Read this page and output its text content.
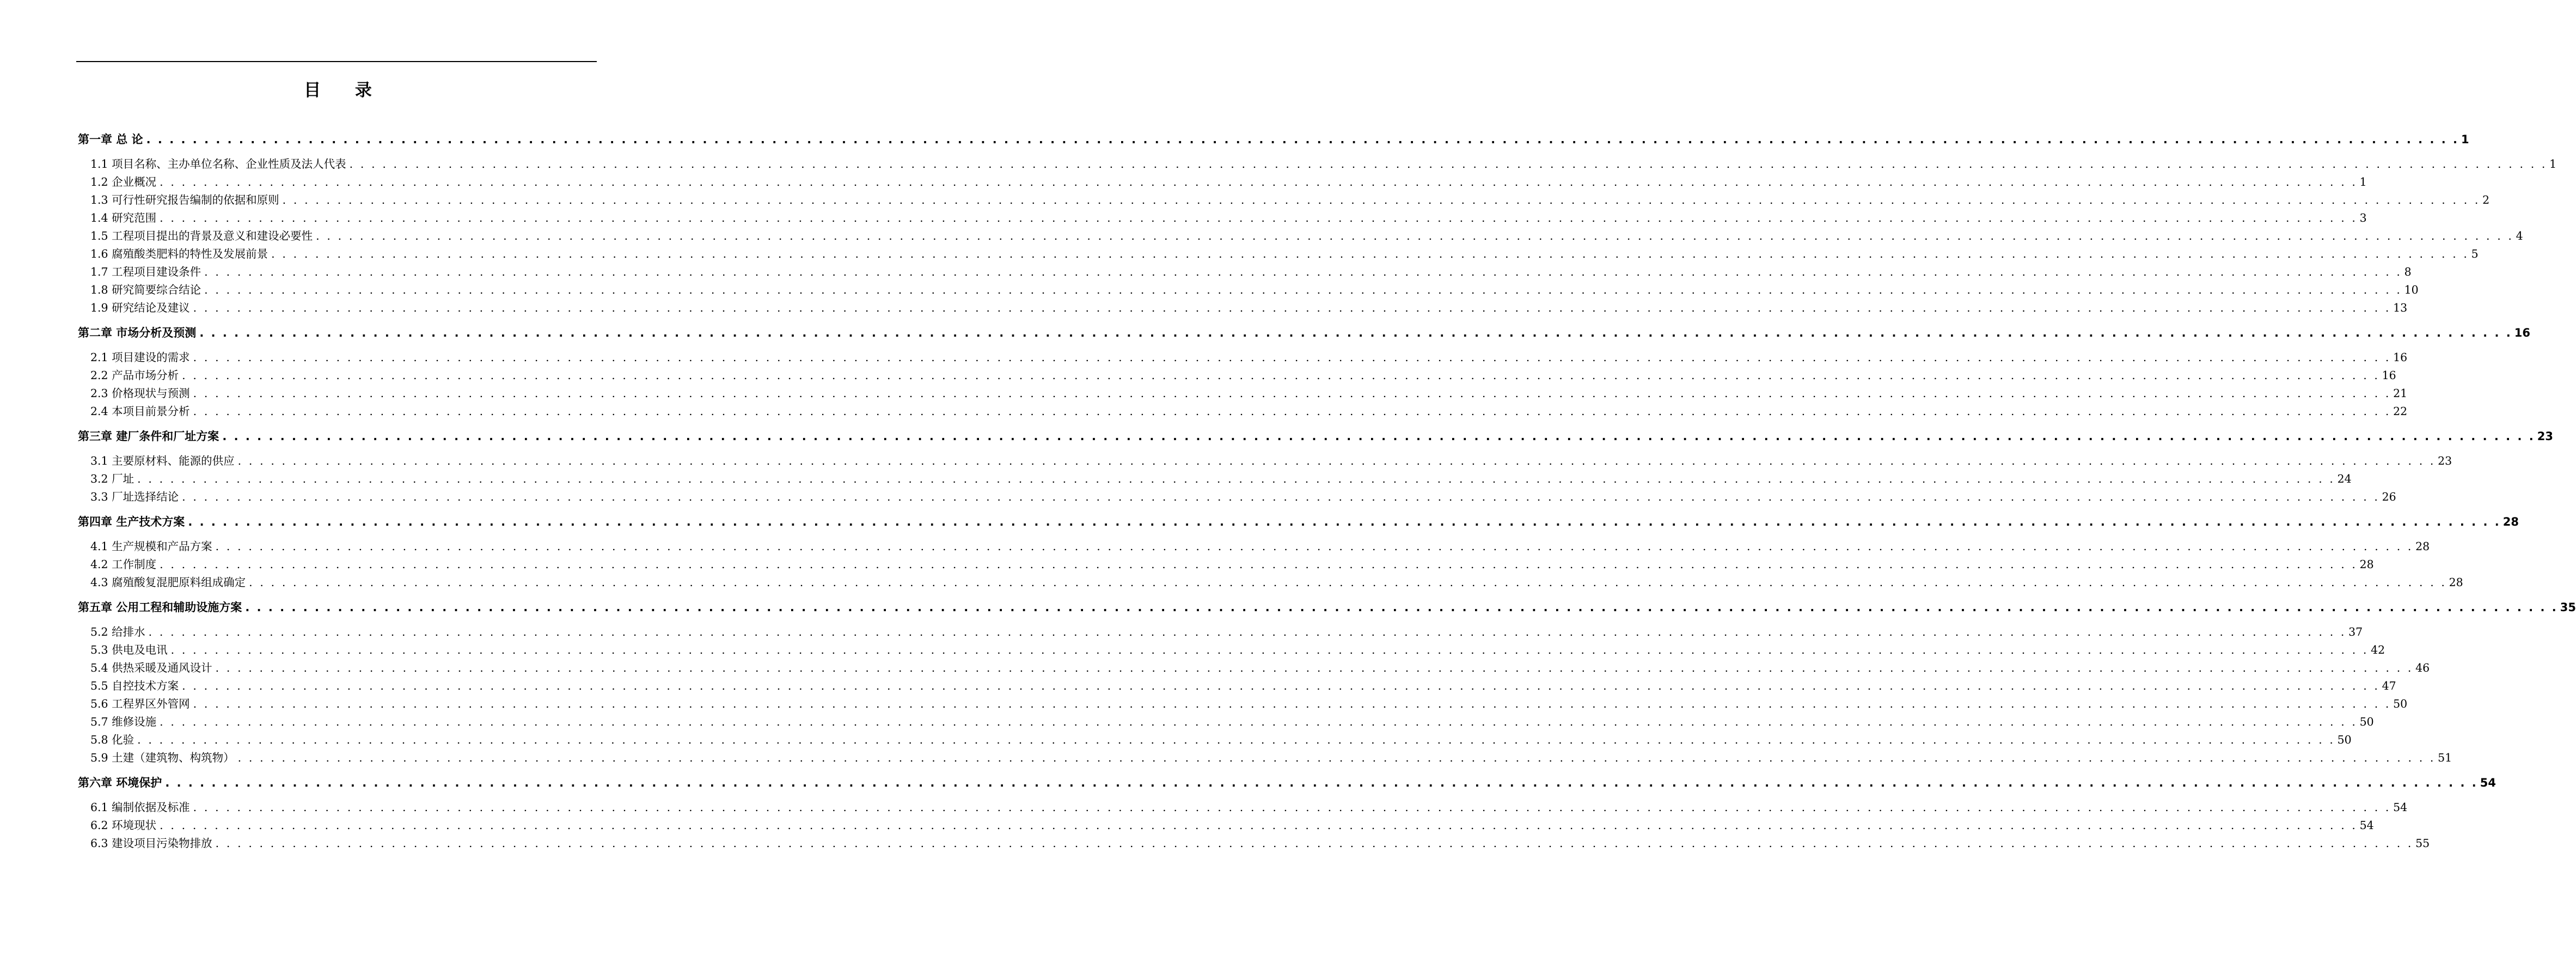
目 录
第一章 总 论 . . . . . . . . . . . . . . . . . . . . . . . . . . . . . . . . . . . . . . . . . . . . . . . . . . . . . . . . . . . . . . . . . . . . . . . . . . . . . . . . . . . . . . . . . . . . . . . . . . . . . . . . . . . . . . . . . . . . . . . . . . . . . . . . . . . . . . . . . . . . . . . . . . . . . . . . . . . . . . . . . . . . . . . . . . . . . . . . . . . . . . . . . . . . . . . . . . . . . . . . 1
1.1 项目名称、主办单位名称、企业性质及法人代表 . . . . . . . . . . . . . . . . . . . . . . . . . . . . . . . . . . . . . . . . . . . . . . . . . . . . . . . . . . . . . . . . . . . . . . . . . . . . . . . . . . . . . . . . . . . . . . . . . . . . . . . . . . . . . . . . . . . . . . . . . . . . . . . . . . . . . . . . . . . . . . . . . . . . . . . . . . . . . . . . . . . . . . . . . . . . . . . . . . . . . . . . . . . . . . . . . . . . . . . . 1
1.2 企业概况 . . . . . . . . . . . . . . . . . . . . . . . . . . . . . . . . . . . . . . . . . . . . . . . . . . . . . . . . . . . . . . . . . . . . . . . . . . . . . . . . . . . . . . . . . . . . . . . . . . . . . . . . . . . . . . . . . . . . . . . . . . . . . . . . . . . . . . . . . . . . . . . . . . . . . . . . . . . . . . . . . . . . . . . . . . . . . . . . . . . . . . . . . . . . . . . . . . . . . . . . 1
1.3 可行性研究报告编制的依据和原则 . . . . . . . . . . . . . . . . . . . . . . . . . . . . . . . . . . . . . . . . . . . . . . . . . . . . . . . . . . . . . . . . . . . . . . . . . . . . . . . . . . . . . . . . . . . . . . . . . . . . . . . . . . . . . . . . . . . . . . . . . . . . . . . . . . . . . . . . . . . . . . . . . . . . . . . . . . . . . . . . . . . . . . . . . . . . . . . . . . . . . . . . . . . . . . . . . . . . . . . . 2
1.4 研究范围 . . . . . . . . . . . . . . . . . . . . . . . . . . . . . . . . . . . . . . . . . . . . . . . . . . . . . . . . . . . . . . . . . . . . . . . . . . . . . . . . . . . . . . . . . . . . . . . . . . . . . . . . . . . . . . . . . . . . . . . . . . . . . . . . . . . . . . . . . . . . . . . . . . . . . . . . . . . . . . . . . . . . . . . . . . . . . . . . . . . . . . . . . . . . . . . . . . . . . . . . 3
1.5 工程项目提出的背景及意义和建设必要性 . . . . . . . . . . . . . . . . . . . . . . . . . . . . . . . . . . . . . . . . . . . . . . . . . . . . . . . . . . . . . . . . . . . . . . . . . . . . . . . . . . . . . . . . . . . . . . . . . . . . . . . . . . . . . . . . . . . . . . . . . . . . . . . . . . . . . . . . . . . . . . . . . . . . . . . . . . . . . . . . . . . . . . . . . . . . . . . . . . . . . . . . . . . . . . . . . . . . . . . . 4
1.6 腐殖酸类肥料的特性及发展前景 . . . . . . . . . . . . . . . . . . . . . . . . . . . . . . . . . . . . . . . . . . . . . . . . . . . . . . . . . . . . . . . . . . . . . . . . . . . . . . . . . . . . . . . . . . . . . . . . . . . . . . . . . . . . . . . . . . . . . . . . . . . . . . . . . . . . . . . . . . . . . . . . . . . . . . . . . . . . . . . . . . . . . . . . . . . . . . . . . . . . . . . . . . . . . . . . . . . . . . . . 5
1.7 工程项目建设条件 . . . . . . . . . . . . . . . . . . . . . . . . . . . . . . . . . . . . . . . . . . . . . . . . . . . . . . . . . . . . . . . . . . . . . . . . . . . . . . . . . . . . . . . . . . . . . . . . . . . . . . . . . . . . . . . . . . . . . . . . . . . . . . . . . . . . . . . . . . . . . . . . . . . . . . . . . . . . . . . . . . . . . . . . . . . . . . . . . . . . . . . . . . . . . . . . . . . . . . . . 8
1.8 研究简要综合结论 . . . . . . . . . . . . . . . . . . . . . . . . . . . . . . . . . . . . . . . . . . . . . . . . . . . . . . . . . . . . . . . . . . . . . . . . . . . . . . . . . . . . . . . . . . . . . . . . . . . . . . . . . . . . . . . . . . . . . . . . . . . . . . . . . . . . . . . . . . . . . . . . . . . . . . . . . . . . . . . . . . . . . . . . . . . . . . . . . . . . . . . . . . . . . . . . . . . . . . . . 10
1.9 研究结论及建议 . . . . . . . . . . . . . . . . . . . . . . . . . . . . . . . . . . . . . . . . . . . . . . . . . . . . . . . . . . . . . . . . . . . . . . . . . . . . . . . . . . . . . . . . . . . . . . . . . . . . . . . . . . . . . . . . . . . . . . . . . . . . . . . . . . . . . . . . . . . . . . . . . . . . . . . . . . . . . . . . . . . . . . . . . . . . . . . . . . . . . . . . . . . . . . . . . . . . . . . . 13
第二章 市场分析及预测 . . . . . . . . . . . . . . . . . . . . . . . . . . . . . . . . . . . . . . . . . . . . . . . . . . . . . . . . . . . . . . . . . . . . . . . . . . . . . . . . . . . . . . . . . . . . . . . . . . . . . . . . . . . . . . . . . . . . . . . . . . . . . . . . . . . . . . . . . . . . . . . . . . . . . . . . . . . . . . . . . . . . . . . . . . . . . . . . . . . . . . . . . . . . . . . . . . . . . . . . 16
2.1 项目建设的需求 . . . . . . . . . . . . . . . . . . . . . . . . . . . . . . . . . . . . . . . . . . . . . . . . . . . . . . . . . . . . . . . . . . . . . . . . . . . . . . . . . . . . . . . . . . . . . . . . . . . . . . . . . . . . . . . . . . . . . . . . . . . . . . . . . . . . . . . . . . . . . . . . . . . . . . . . . . . . . . . . . . . . . . . . . . . . . . . . . . . . . . . . . . . . . . . . . . . . . . . . 16
2.2 产品市场分析 . . . . . . . . . . . . . . . . . . . . . . . . . . . . . . . . . . . . . . . . . . . . . . . . . . . . . . . . . . . . . . . . . . . . . . . . . . . . . . . . . . . . . . . . . . . . . . . . . . . . . . . . . . . . . . . . . . . . . . . . . . . . . . . . . . . . . . . . . . . . . . . . . . . . . . . . . . . . . . . . . . . . . . . . . . . . . . . . . . . . . . . . . . . . . . . . . . . . . . . . 16
2.3 价格现状与预测 . . . . . . . . . . . . . . . . . . . . . . . . . . . . . . . . . . . . . . . . . . . . . . . . . . . . . . . . . . . . . . . . . . . . . . . . . . . . . . . . . . . . . . . . . . . . . . . . . . . . . . . . . . . . . . . . . . . . . . . . . . . . . . . . . . . . . . . . . . . . . . . . . . . . . . . . . . . . . . . . . . . . . . . . . . . . . . . . . . . . . . . . . . . . . . . . . . . . . . . . 21
2.4 本项目前景分析 . . . . . . . . . . . . . . . . . . . . . . . . . . . . . . . . . . . . . . . . . . . . . . . . . . . . . . . . . . . . . . . . . . . . . . . . . . . . . . . . . . . . . . . . . . . . . . . . . . . . . . . . . . . . . . . . . . . . . . . . . . . . . . . . . . . . . . . . . . . . . . . . . . . . . . . . . . . . . . . . . . . . . . . . . . . . . . . . . . . . . . . . . . . . . . . . . . . . . . . . 22
第三章 建厂条件和厂址方案 . . . . . . . . . . . . . . . . . . . . . . . . . . . . . . . . . . . . . . . . . . . . . . . . . . . . . . . . . . . . . . . . . . . . . . . . . . . . . . . . . . . . . . . . . . . . . . . . . . . . . . . . . . . . . . . . . . . . . . . . . . . . . . . . . . . . . . . . . . . . . . . . . . . . . . . . . . . . . . . . . . . . . . . . . . . . . . . . . . . . . . . . . . . . . . . . . . . . . . . . 23
3.1 主要原材料、能源的供应 . . . . . . . . . . . . . . . . . . . . . . . . . . . . . . . . . . . . . . . . . . . . . . . . . . . . . . . . . . . . . . . . . . . . . . . . . . . . . . . . . . . . . . . . . . . . . . . . . . . . . . . . . . . . . . . . . . . . . . . . . . . . . . . . . . . . . . . . . . . . . . . . . . . . . . . . . . . . . . . . . . . . . . . . . . . . . . . . . . . . . . . . . . . . . . . . . . . . . . . . 23
3.2 厂址 . . . . . . . . . . . . . . . . . . . . . . . . . . . . . . . . . . . . . . . . . . . . . . . . . . . . . . . . . . . . . . . . . . . . . . . . . . . . . . . . . . . . . . . . . . . . . . . . . . . . . . . . . . . . . . . . . . . . . . . . . . . . . . . . . . . . . . . . . . . . . . . . . . . . . . . . . . . . . . . . . . . . . . . . . . . . . . . . . . . . . . . . . . . . . . . . . . . . . . . . 24
3.3 厂址选择结论 . . . . . . . . . . . . . . . . . . . . . . . . . . . . . . . . . . . . . . . . . . . . . . . . . . . . . . . . . . . . . . . . . . . . . . . . . . . . . . . . . . . . . . . . . . . . . . . . . . . . . . . . . . . . . . . . . . . . . . . . . . . . . . . . . . . . . . . . . . . . . . . . . . . . . . . . . . . . . . . . . . . . . . . . . . . . . . . . . . . . . . . . . . . . . . . . . . . . . . . . 26
第四章 生产技术方案 . . . . . . . . . . . . . . . . . . . . . . . . . . . . . . . . . . . . . . . . . . . . . . . . . . . . . . . . . . . . . . . . . . . . . . . . . . . . . . . . . . . . . . . . . . . . . . . . . . . . . . . . . . . . . . . . . . . . . . . . . . . . . . . . . . . . . . . . . . . . . . . . . . . . . . . . . . . . . . . . . . . . . . . . . . . . . . . . . . . . . . . . . . . . . . . . . . . . . . . . 28
4.1 生产规模和产品方案 . . . . . . . . . . . . . . . . . . . . . . . . . . . . . . . . . . . . . . . . . . . . . . . . . . . . . . . . . . . . . . . . . . . . . . . . . . . . . . . . . . . . . . . . . . . . . . . . . . . . . . . . . . . . . . . . . . . . . . . . . . . . . . . . . . . . . . . . . . . . . . . . . . . . . . . . . . . . . . . . . . . . . . . . . . . . . . . . . . . . . . . . . . . . . . . . . . . . . . . . 28
4.2 工作制度 . . . . . . . . . . . . . . . . . . . . . . . . . . . . . . . . . . . . . . . . . . . . . . . . . . . . . . . . . . . . . . . . . . . . . . . . . . . . . . . . . . . . . . . . . . . . . . . . . . . . . . . . . . . . . . . . . . . . . . . . . . . . . . . . . . . . . . . . . . . . . . . . . . . . . . . . . . . . . . . . . . . . . . . . . . . . . . . . . . . . . . . . . . . . . . . . . . . . . . . . 28
4.3 腐殖酸复混肥原料组成确定 . . . . . . . . . . . . . . . . . . . . . . . . . . . . . . . . . . . . . . . . . . . . . . . . . . . . . . . . . . . . . . . . . . . . . . . . . . . . . . . . . . . . . . . . . . . . . . . . . . . . . . . . . . . . . . . . . . . . . . . . . . . . . . . . . . . . . . . . . . . . . . . . . . . . . . . . . . . . . . . . . . . . . . . . . . . . . . . . . . . . . . . . . . . . . . . . . . . . . . . . 28
第五章 公用工程和辅助设施方案 . . . . . . . . . . . . . . . . . . . . . . . . . . . . . . . . . . . . . . . . . . . . . . . . . . . . . . . . . . . . . . . . . . . . . . . . . . . . . . . . . . . . . . . . . . . . . . . . . . . . . . . . . . . . . . . . . . . . . . . . . . . . . . . . . . . . . . . . . . . . . . . . . . . . . . . . . . . . . . . . . . . . . . . . . . . . . . . . . . . . . . . . . . . . . . . . . . . . . . . . 35
5.2 给排水 . . . . . . . . . . . . . . . . . . . . . . . . . . . . . . . . . . . . . . . . . . . . . . . . . . . . . . . . . . . . . . . . . . . . . . . . . . . . . . . . . . . . . . . . . . . . . . . . . . . . . . . . . . . . . . . . . . . . . . . . . . . . . . . . . . . . . . . . . . . . . . . . . . . . . . . . . . . . . . . . . . . . . . . . . . . . . . . . . . . . . . . . . . . . . . . . . . . . . . . . 37
5.3 供电及电讯 . . . . . . . . . . . . . . . . . . . . . . . . . . . . . . . . . . . . . . . . . . . . . . . . . . . . . . . . . . . . . . . . . . . . . . . . . . . . . . . . . . . . . . . . . . . . . . . . . . . . . . . . . . . . . . . . . . . . . . . . . . . . . . . . . . . . . . . . . . . . . . . . . . . . . . . . . . . . . . . . . . . . . . . . . . . . . . . . . . . . . . . . . . . . . . . . . . . . . . . . 42
5.4 供热采暖及通风设计 . . . . . . . . . . . . . . . . . . . . . . . . . . . . . . . . . . . . . . . . . . . . . . . . . . . . . . . . . . . . . . . . . . . . . . . . . . . . . . . . . . . . . . . . . . . . . . . . . . . . . . . . . . . . . . . . . . . . . . . . . . . . . . . . . . . . . . . . . . . . . . . . . . . . . . . . . . . . . . . . . . . . . . . . . . . . . . . . . . . . . . . . . . . . . . . . . . . . . . . . 46
5.5 自控技术方案 . . . . . . . . . . . . . . . . . . . . . . . . . . . . . . . . . . . . . . . . . . . . . . . . . . . . . . . . . . . . . . . . . . . . . . . . . . . . . . . . . . . . . . . . . . . . . . . . . . . . . . . . . . . . . . . . . . . . . . . . . . . . . . . . . . . . . . . . . . . . . . . . . . . . . . . . . . . . . . . . . . . . . . . . . . . . . . . . . . . . . . . . . . . . . . . . . . . . . . . . 47
5.6 工程界区外管网 . . . . . . . . . . . . . . . . . . . . . . . . . . . . . . . . . . . . . . . . . . . . . . . . . . . . . . . . . . . . . . . . . . . . . . . . . . . . . . . . . . . . . . . . . . . . . . . . . . . . . . . . . . . . . . . . . . . . . . . . . . . . . . . . . . . . . . . . . . . . . . . . . . . . . . . . . . . . . . . . . . . . . . . . . . . . . . . . . . . . . . . . . . . . . . . . . . . . . . . . 50
5.7 维修设施 . . . . . . . . . . . . . . . . . . . . . . . . . . . . . . . . . . . . . . . . . . . . . . . . . . . . . . . . . . . . . . . . . . . . . . . . . . . . . . . . . . . . . . . . . . . . . . . . . . . . . . . . . . . . . . . . . . . . . . . . . . . . . . . . . . . . . . . . . . . . . . . . . . . . . . . . . . . . . . . . . . . . . . . . . . . . . . . . . . . . . . . . . . . . . . . . . . . . . . . . 50
5.8 化验 . . . . . . . . . . . . . . . . . . . . . . . . . . . . . . . . . . . . . . . . . . . . . . . . . . . . . . . . . . . . . . . . . . . . . . . . . . . . . . . . . . . . . . . . . . . . . . . . . . . . . . . . . . . . . . . . . . . . . . . . . . . . . . . . . . . . . . . . . . . . . . . . . . . . . . . . . . . . . . . . . . . . . . . . . . . . . . . . . . . . . . . . . . . . . . . . . . . . . . . . 50
5.9 土建（建筑物、构筑物） . . . . . . . . . . . . . . . . . . . . . . . . . . . . . . . . . . . . . . . . . . . . . . . . . . . . . . . . . . . . . . . . . . . . . . . . . . . . . . . . . . . . . . . . . . . . . . . . . . . . . . . . . . . . . . . . . . . . . . . . . . . . . . . . . . . . . . . . . . . . . . . . . . . . . . . . . . . . . . . . . . . . . . . . . . . . . . . . . . . . . . . . . . . . . . . . . . . . . . . . 51
第六章 环境保护 . . . . . . . . . . . . . . . . . . . . . . . . . . . . . . . . . . . . . . . . . . . . . . . . . . . . . . . . . . . . . . . . . . . . . . . . . . . . . . . . . . . . . . . . . . . . . . . . . . . . . . . . . . . . . . . . . . . . . . . . . . . . . . . . . . . . . . . . . . . . . . . . . . . . . . . . . . . . . . . . . . . . . . . . . . . . . . . . . . . . . . . . . . . . . . . . . . . . . . . . 54
6.1 编制依据及标准 . . . . . . . . . . . . . . . . . . . . . . . . . . . . . . . . . . . . . . . . . . . . . . . . . . . . . . . . . . . . . . . . . . . . . . . . . . . . . . . . . . . . . . . . . . . . . . . . . . . . . . . . . . . . . . . . . . . . . . . . . . . . . . . . . . . . . . . . . . . . . . . . . . . . . . . . . . . . . . . . . . . . . . . . . . . . . . . . . . . . . . . . . . . . . . . . . . . . . . . . 54
6.2 环境现状 . . . . . . . . . . . . . . . . . . . . . . . . . . . . . . . . . . . . . . . . . . . . . . . . . . . . . . . . . . . . . . . . . . . . . . . . . . . . . . . . . . . . . . . . . . . . . . . . . . . . . . . . . . . . . . . . . . . . . . . . . . . . . . . . . . . . . . . . . . . . . . . . . . . . . . . . . . . . . . . . . . . . . . . . . . . . . . . . . . . . . . . . . . . . . . . . . . . . . . . . 54
6.3 建设项目污染物排放 . . . . . . . . . . . . . . . . . . . . . . . . . . . . . . . . . . . . . . . . . . . . . . . . . . . . . . . . . . . . . . . . . . . . . . . . . . . . . . . . . . . . . . . . . . . . . . . . . . . . . . . . . . . . . . . . . . . . . . . . . . . . . . . . . . . . . . . . . . . . . . . . . . . . . . . . . . . . . . . . . . . . . . . . . . . . . . . . . . . . . . . . . . . . . . . . . . . . . . . . 55
